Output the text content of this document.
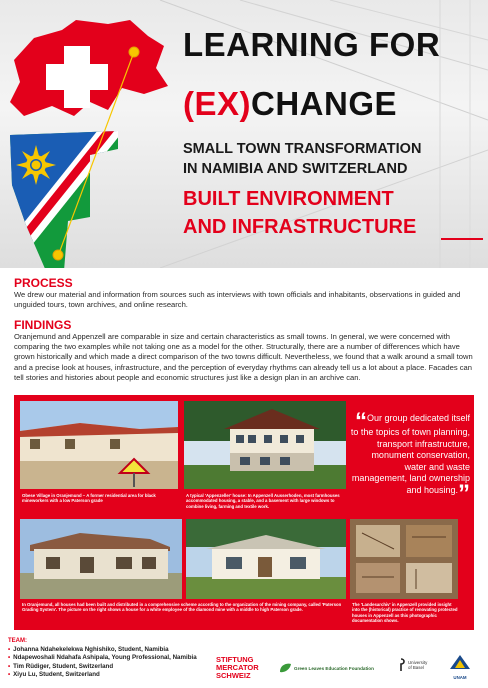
LEARNING FOR
(EX)CHANGE
SMALL TOWN TRANSFORMATION
IN NAMIBIA AND SWITZERLAND
BUILT ENVIRONMENT
AND INFRASTRUCTURE
PROCESS
We drew our material and information from sources such as interviews with town officials and inhabitants, observations in guided and unguided tours, town archives, and online research.
FINDINGS
Oranjemund and Appenzell are comparable in size and certain characteristics as small towns. In general, we were concerned with comparing the two examples while not taking one as a model for the other. Structurally, there are a number of differences which have grown historically and which made a direct comparison of the two towns difficult. Nevertheless, we found that a walk around a small town and a precise look at houses, infrastructure, and the perception of everyday rhythms can already tell us a lot about a place. Facades can tell stories and histories about people and economic structures just like a design plan in an archive can.
Obese Village in Oranjemund – A former residential area for black mineworkers with a low Paterson grade
A typical 'Appenzeller' house: In Appenzell Ausserhoden, most farmhouses accommodated housing, a stable, and a basement with large windows to combine living, farming and textile work.
“Our group dedicated itself to the topics of town planning, transport infrastructure, monument conservation, water and waste management, land ownership and housing.”
In Oranjemund, all houses had been built and distributed in a comprehensive scheme according to the organization of the mining company, called 'Paterson Grading System'. The picture on the right shows a house for a white employee of the diamond mine with a middle to high Paterson grade.
The 'Landesarchiv' in Appenzell provided insight into the (historical) practice of renovating protected houses in Appenzell as this photographic documentation shows.	DESIGN & LAYOUT: Ndapewoshali Ndahafa Ashipala
TEAM:
• Johanna Ndahekelekwa Nghishiko, Student, Namibia
• Ndapewoshali Ndahafa Ashipala, Young Professional, Namibia
• Tim Rüdiger, Student, Switzerland
• Xiyu Lu, Student, Switzerland
STIFTUNG
MERCATOR
SCHWEIZ
Green Leaves Education Foundation
University
of Basel
UNAM
